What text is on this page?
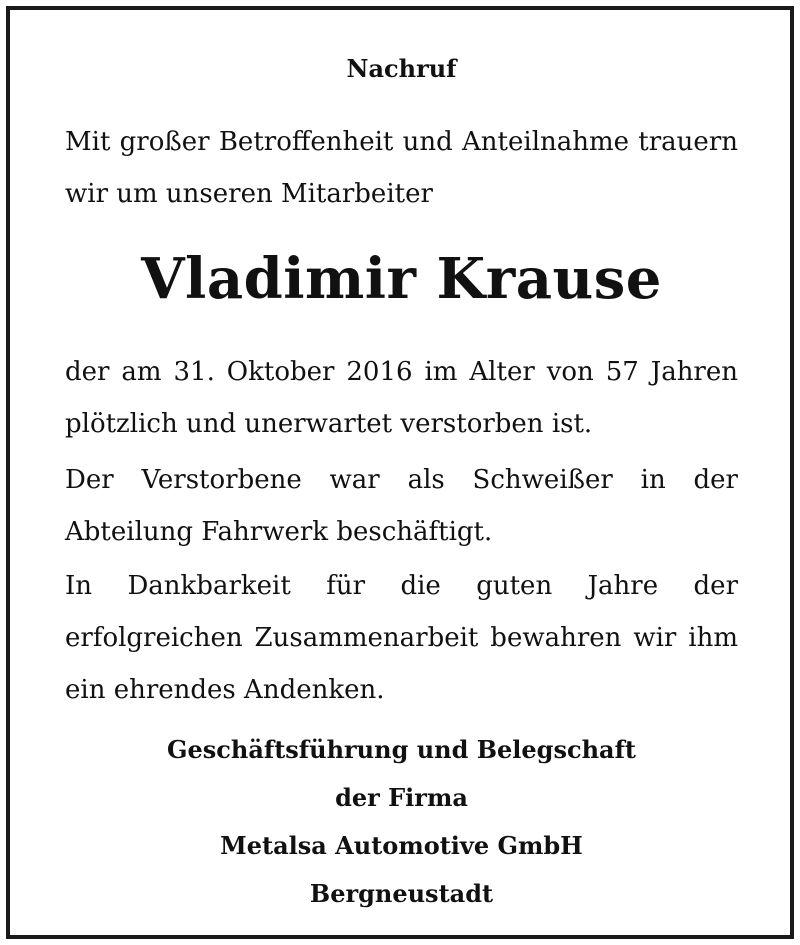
Nachruf
Mit großer Betroffenheit und Anteilnahme trauern wir um unseren Mitarbeiter
Vladimir Krause
der am 31. Oktober 2016 im Alter von 57 Jahren plötzlich und unerwartet verstorben ist.
Der Verstorbene war als Schweißer in der Abteilung Fahrwerk beschäftigt.
In Dankbarkeit für die guten Jahre der erfolgreichen Zusammenarbeit bewahren wir ihm ein ehrendes Andenken.
Geschäftsführung und Belegschaft
der Firma
Metalsa Automotive GmbH
Bergneustadt
